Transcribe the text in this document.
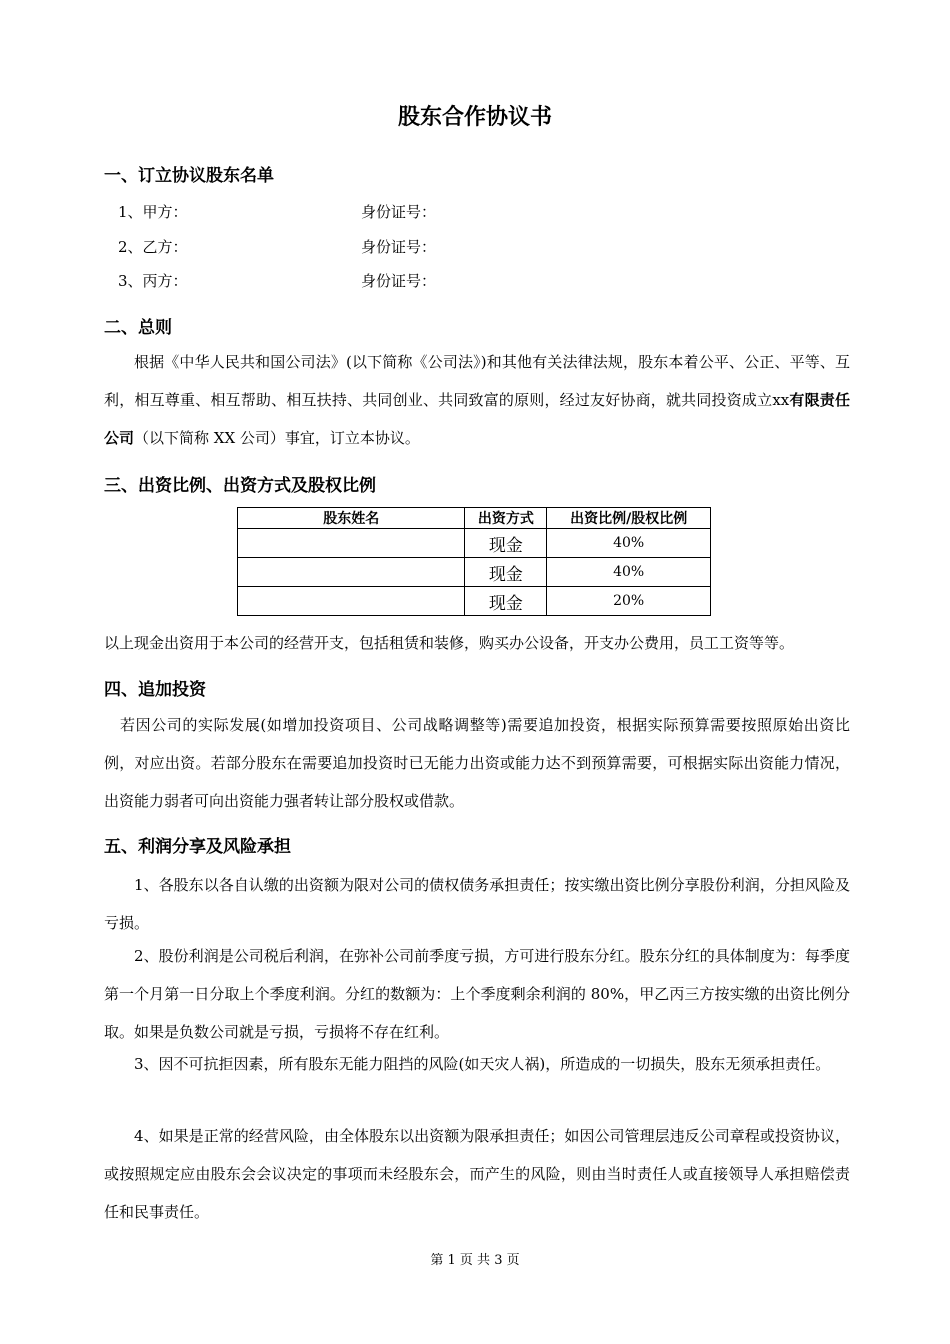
股东合作协议书
一、订立协议股东名单
1、甲方：	身份证号：
2、乙方：	身份证号：
3、丙方：	身份证号：
二、总则
根据《中华人民共和国公司法》(以下简称《公司法》)和其他有关法律法规，股东本着公平、公正、平等、互利，相互尊重、相互帮助、相互扶持、共同创业、共同致富的原则，经过友好协商，就共同投资成立xx有限责任公司（以下简称 XX 公司）事宜，订立本协议。
三、出资比例、出资方式及股权比例
股东姓名	出资方式	出资比例/股权比例
	现金	40%
	现金	40%
	现金	20%
以上现金出资用于本公司的经营开支，包括租赁和装修，购买办公设备，开支办公费用，员工工资等等。
四、追加投资
若因公司的实际发展(如增加投资项目、公司战略调整等)需要追加投资，根据实际预算需要按照原始出资比例，对应出资。若部分股东在需要追加投资时已无能力出资或能力达不到预算需要，可根据实际出资能力情况，出资能力弱者可向出资能力强者转让部分股权或借款。
五、利润分享及风险承担
1、各股东以各自认缴的出资额为限对公司的债权债务承担责任；按实缴出资比例分享股份利润，分担风险及亏损。
2、股份利润是公司税后利润，在弥补公司前季度亏损，方可进行股东分红。股东分红的具体制度为：每季度第一个月第一日分取上个季度利润。分红的数额为：上个季度剩余利润的 80%，甲乙丙三方按实缴的出资比例分取。如果是负数公司就是亏损，亏损将不存在红利。
3、因不可抗拒因素，所有股东无能力阻挡的风险(如天灾人祸)，所造成的一切损失，股东无须承担责任。
4、如果是正常的经营风险，由全体股东以出资额为限承担责任；如因公司管理层违反公司章程或投资协议，或按照规定应由股东会会议决定的事项而未经股东会，而产生的风险，则由当时责任人或直接领导人承担赔偿责任和民事责任。
第 1 页 共 3 页
